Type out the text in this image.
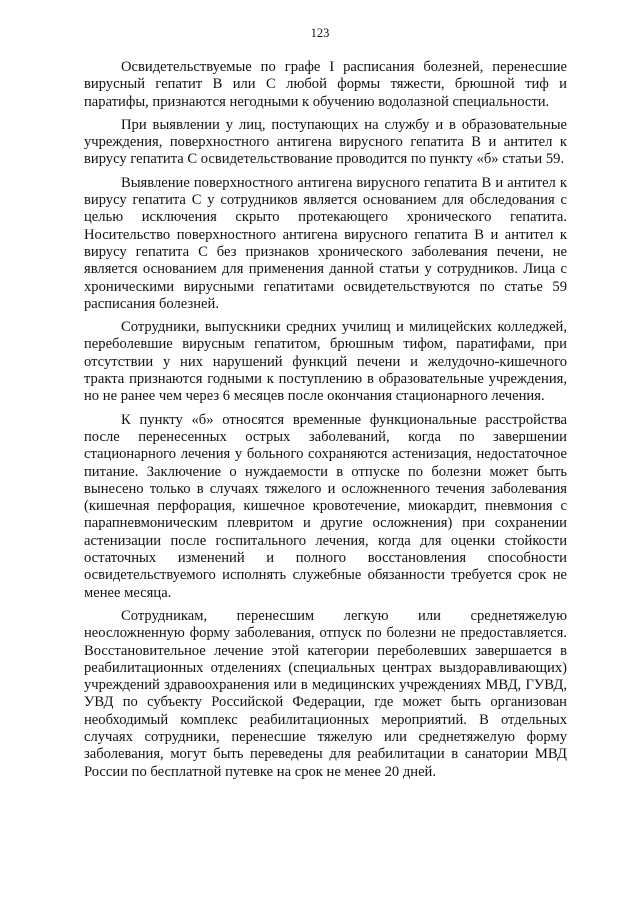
123

Освидетельствуемые по графе I расписания болезней, перенесшие вирусный гепатит В или С любой формы тяжести, брюшной тиф и паратифы, признаются негодными к обучению водолазной специальности.

При выявлении у лиц, поступающих на службу и в образовательные учреждения, поверхностного антигена вирусного гепатита В и антител к вирусу гепатита С освидетельствование проводится по пункту «б» статьи 59.

Выявление поверхностного антигена вирусного гепатита В и антител к вирусу гепатита С у сотрудников является основанием для обследования с целью исключения скрыто протекающего хронического гепатита. Носительство поверхностного антигена вирусного гепатита В и антител к вирусу гепатита С без признаков хронического заболевания печени, не является основанием для применения данной статьи у сотрудников. Лица с хроническими вирусными гепатитами освидетельствуются по статье 59 расписания болезней.

Сотрудники, выпускники средних училищ и милицейских колледжей, переболевшие вирусным гепатитом, брюшным тифом, паратифами, при отсутствии у них нарушений функций печени и желудочно-кишечного тракта признаются годными к поступлению в образовательные учреждения, но не ранее чем через 6 месяцев после окончания стационарного лечения.

К пункту «б» относятся временные функциональные расстройства после перенесенных острых заболеваний, когда по завершении стационарного лечения у больного сохраняются астенизация, недостаточное питание. Заключение о нуждаемости в отпуске по болезни может быть вынесено только в случаях тяжелого и осложненного течения заболевания (кишечная перфорация, кишечное кровотечение, миокардит, пневмония с парапневмоническим плевритом и другие осложнения) при сохранении астенизации после госпитального лечения, когда для оценки стойкости остаточных изменений и полного восстановления способности освидетельствуемого исполнять служебные обязанности требуется срок не менее месяца.

Сотрудникам, перенесшим легкую или среднетяжелую неосложненную форму заболевания, отпуск по болезни не предоставляется. Восстановительное лечение этой категории переболевших завершается в реабилитационных отделениях (специальных центрах выздоравливающих) учреждений здравоохранения или в медицинских учреждениях МВД, ГУВД, УВД по субъекту Российской Федерации, где может быть организован необходимый комплекс реабилитационных мероприятий. В отдельных случаях сотрудники, перенесшие тяжелую или среднетяжелую форму заболевания, могут быть переведены для реабилитации в санатории МВД России по бесплатной путевке на срок не менее 20 дней.
